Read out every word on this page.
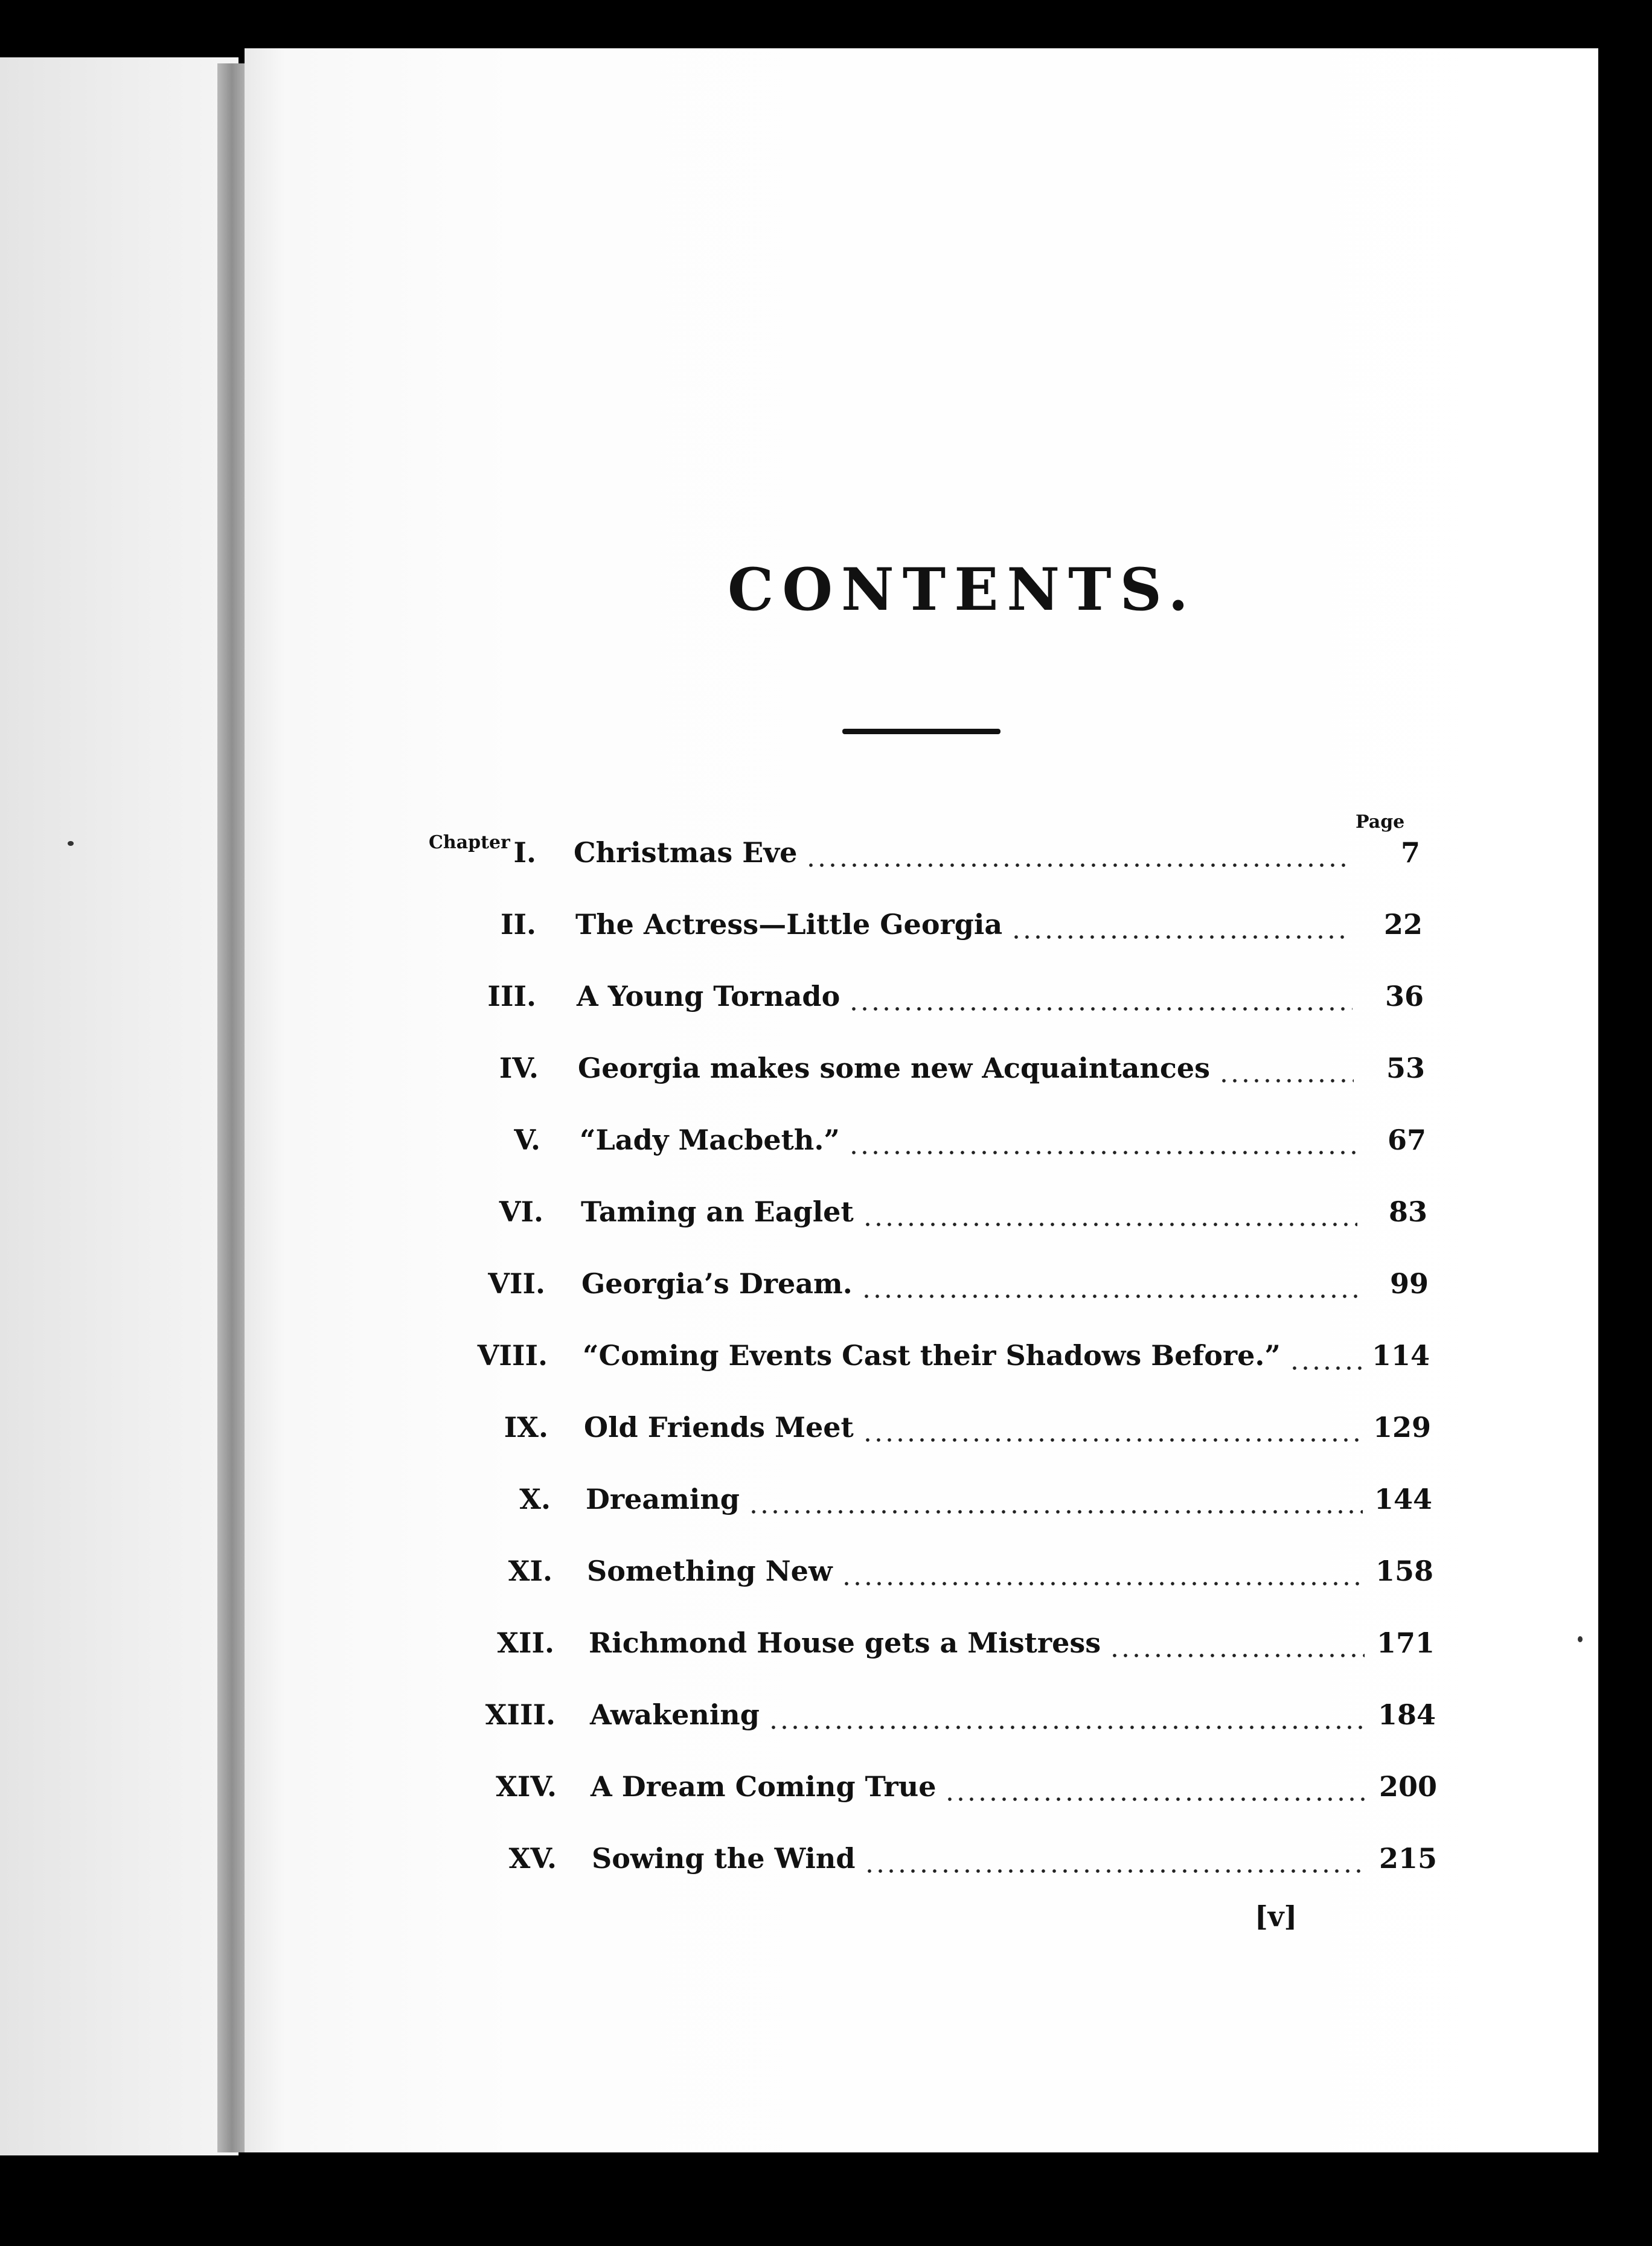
CONTENTS.
Chapter
Page
I. Christmas Eve	7
II. The Actress—Little Georgia	22
III. A Young Tornado	36
IV. Georgia makes some new Acquaintances	53
V. “Lady Macbeth.”	67
VI. Taming an Eaglet	83
VII. Georgia’s Dream.	99
VIII. “Coming Events Cast their Shadows Before.”	114
IX. Old Friends Meet	129
X. Dreaming	144
XI. Something New	158
XII. Richmond House gets a Mistress	171
XIII. Awakening	184
XIV. A Dream Coming True	200
XV. Sowing the Wind	215
[v]
